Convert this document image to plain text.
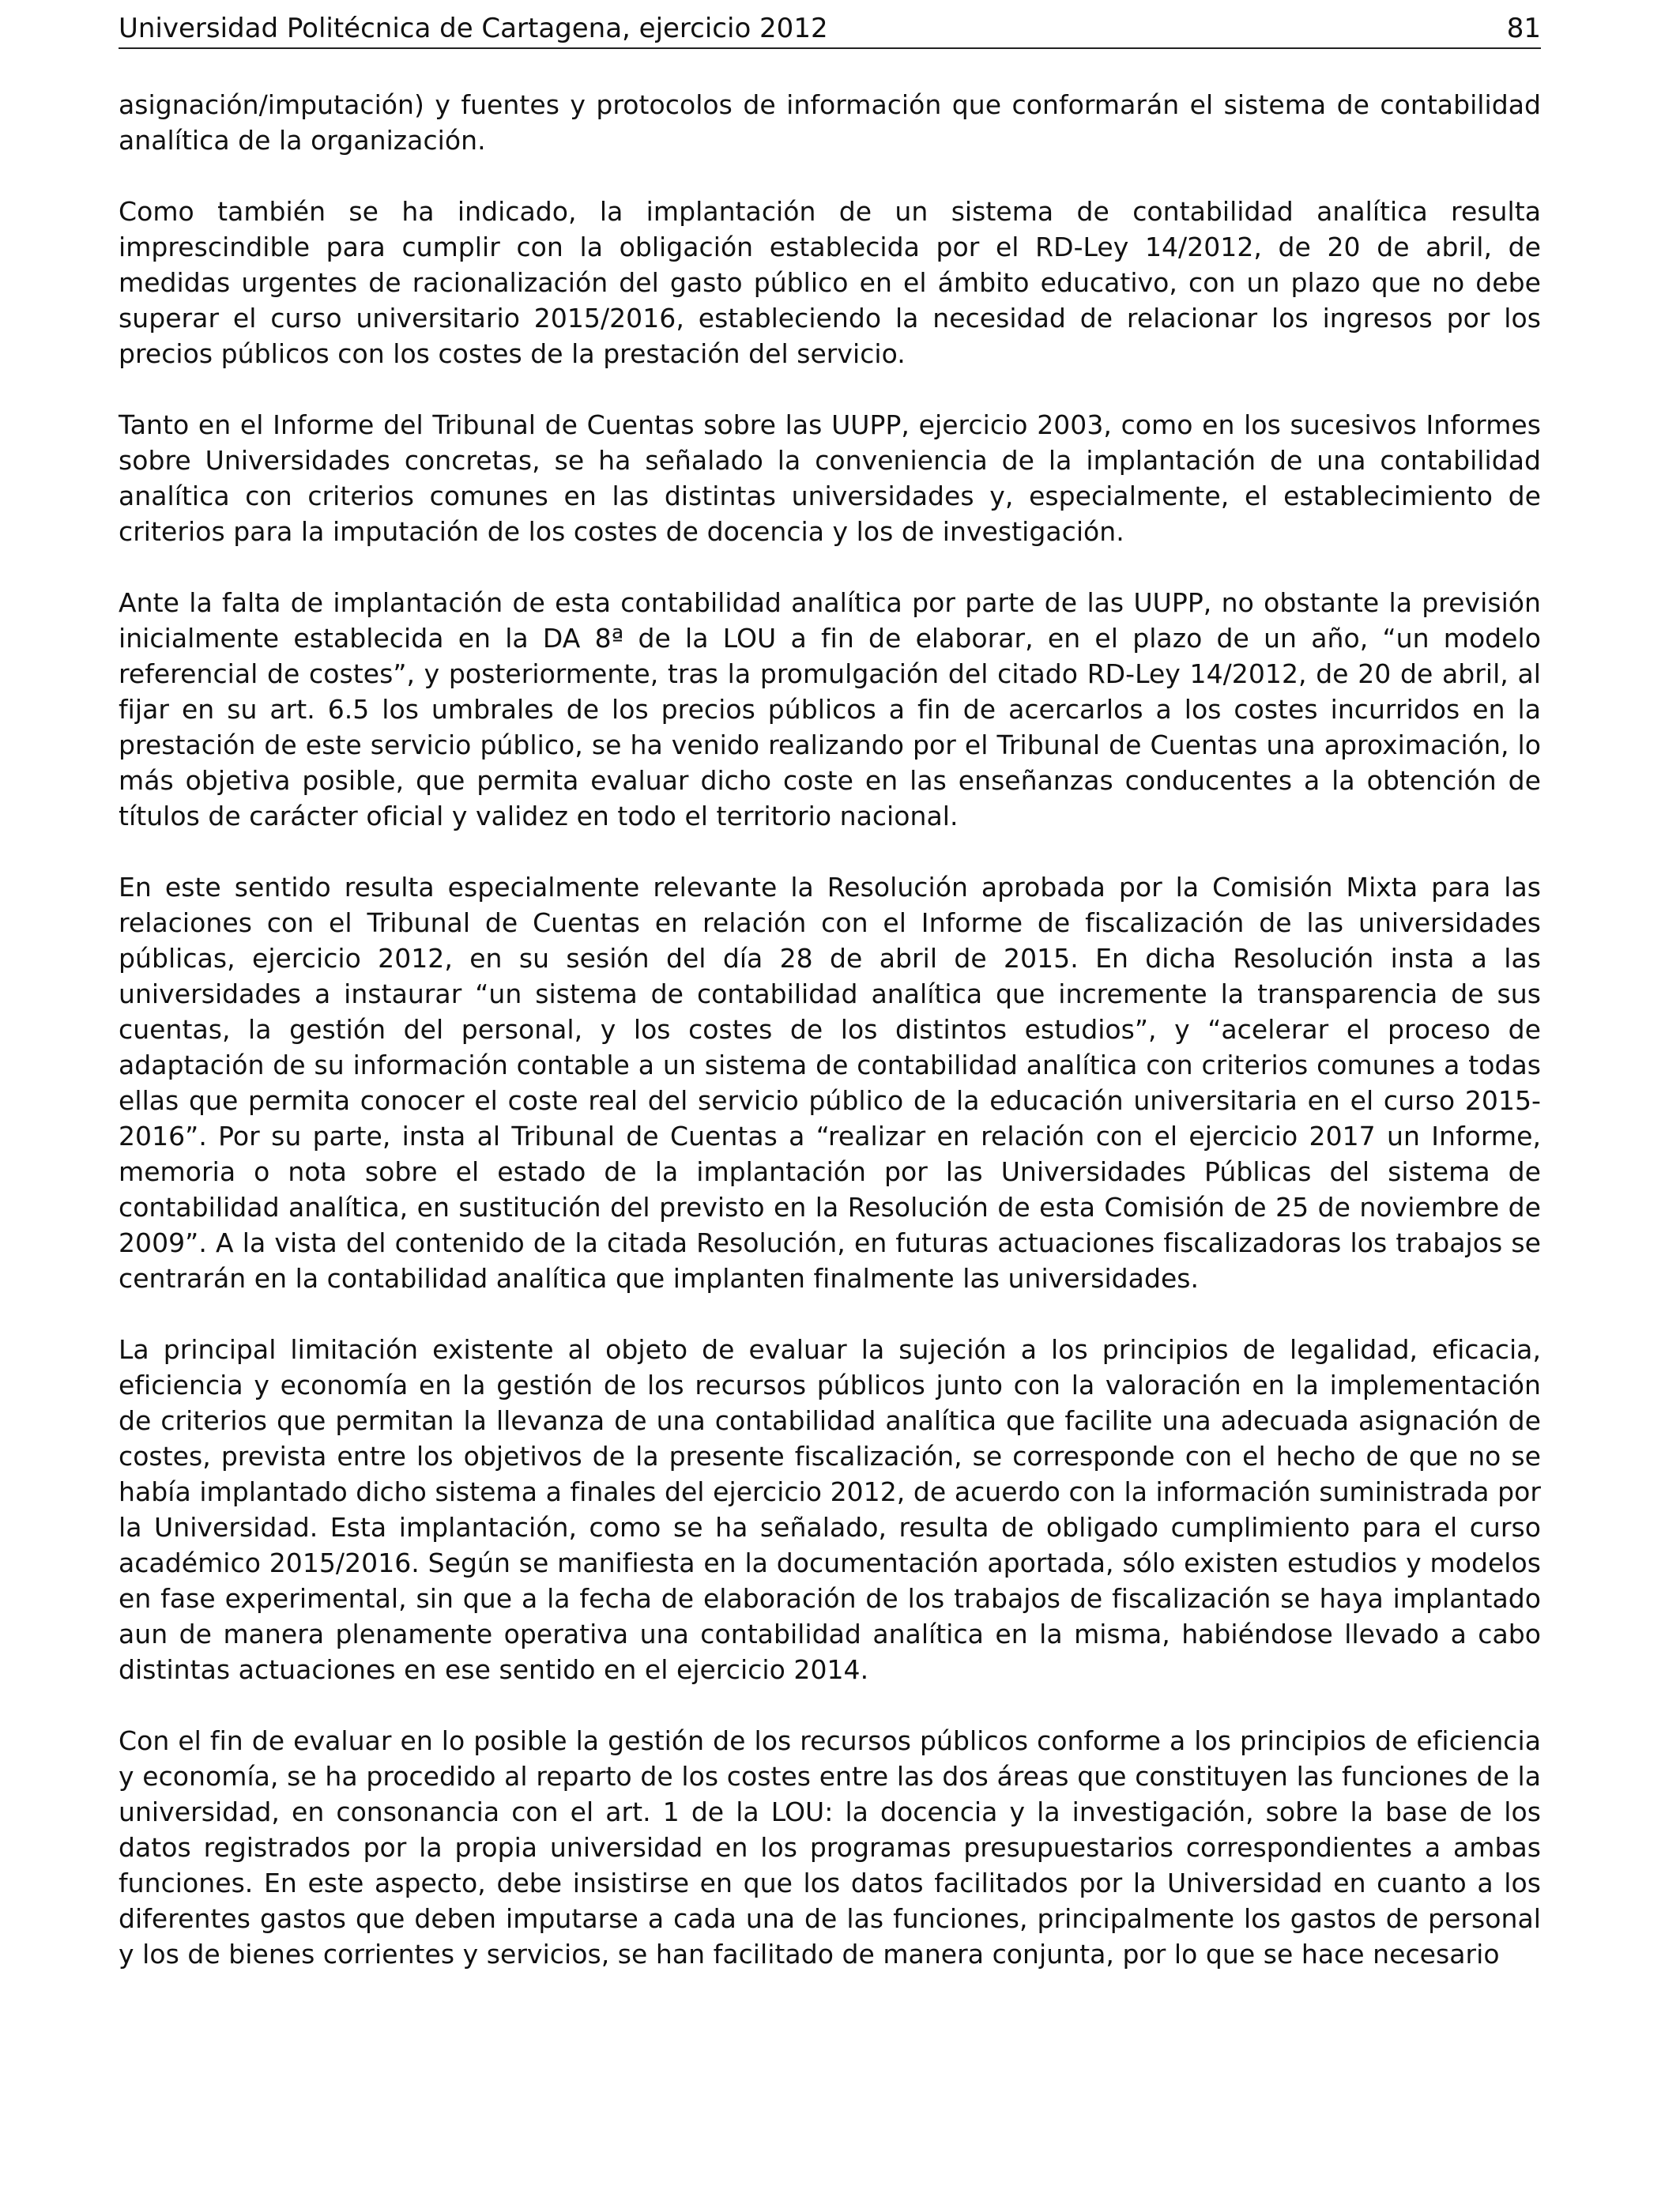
Universidad Politécnica de Cartagena, ejercicio 2012	81

asignación/imputación) y fuentes y protocolos de información que conformarán el sistema de contabilidad analítica de la organización.

Como también se ha indicado, la implantación de un sistema de contabilidad analítica resulta imprescindible para cumplir con la obligación establecida por el RD-Ley 14/2012, de 20 de abril, de medidas urgentes de racionalización del gasto público en el ámbito educativo, con un plazo que no debe superar el curso universitario 2015/2016, estableciendo la necesidad de relacionar los ingresos por los precios públicos con los costes de la prestación del servicio.

Tanto en el Informe del Tribunal de Cuentas sobre las UUPP, ejercicio 2003, como en los sucesivos Informes sobre Universidades concretas, se ha señalado la conveniencia de la implantación de una contabilidad analítica con criterios comunes en las distintas universidades y, especialmente, el establecimiento de criterios para la imputación de los costes de docencia y los de investigación.

Ante la falta de implantación de esta contabilidad analítica por parte de las UUPP, no obstante la previsión inicialmente establecida en la DA 8ª de la LOU a fin de elaborar, en el plazo de un año, “un modelo referencial de costes”, y posteriormente, tras la promulgación del citado RD-Ley 14/2012, de 20 de abril, al fijar en su art. 6.5 los umbrales de los precios públicos a fin de acercarlos a los costes incurridos en la prestación de este servicio público, se ha venido realizando por el Tribunal de Cuentas una aproximación, lo más objetiva posible, que permita evaluar dicho coste en las enseñanzas conducentes a la obtención de títulos de carácter oficial y validez en todo el territorio nacional.

En este sentido resulta especialmente relevante la Resolución aprobada por la Comisión Mixta para las relaciones con el Tribunal de Cuentas en relación con el Informe de fiscalización de las universidades públicas, ejercicio 2012, en su sesión del día 28 de abril de 2015. En dicha Resolución insta a las universidades a instaurar “un sistema de contabilidad analítica que incremente la transparencia de sus cuentas, la gestión del personal, y los costes de los distintos estudios”, y “acelerar el proceso de adaptación de su información contable a un sistema de contabilidad analítica con criterios comunes a todas ellas que permita conocer el coste real del servicio público de la educación universitaria en el curso 2015-2016”. Por su parte, insta al Tribunal de Cuentas a “realizar en relación con el ejercicio 2017 un Informe, memoria o nota sobre el estado de la implantación por las Universidades Públicas del sistema de contabilidad analítica, en sustitución del previsto en la Resolución de esta Comisión de 25 de noviembre de 2009”. A la vista del contenido de la citada Resolución, en futuras actuaciones fiscalizadoras los trabajos se centrarán en la contabilidad analítica que implanten finalmente las universidades.

La principal limitación existente al objeto de evaluar la sujeción a los principios de legalidad, eficacia, eficiencia y economía en la gestión de los recursos públicos junto con la valoración en la implementación de criterios que permitan la llevanza de una contabilidad analítica que facilite una adecuada asignación de costes, prevista entre los objetivos de la presente fiscalización, se corresponde con el hecho de que no se había implantado dicho sistema a finales del ejercicio 2012, de acuerdo con la información suministrada por la Universidad. Esta implantación, como se ha señalado, resulta de obligado cumplimiento para el curso académico 2015/2016. Según se manifiesta en la documentación aportada, sólo existen estudios y modelos en fase experimental, sin que a la fecha de elaboración de los trabajos de fiscalización se haya implantado aun de manera plenamente operativa una contabilidad analítica en la misma, habiéndose llevado a cabo distintas actuaciones en ese sentido en el ejercicio 2014.

Con el fin de evaluar en lo posible la gestión de los recursos públicos conforme a los principios de eficiencia y economía, se ha procedido al reparto de los costes entre las dos áreas que constituyen las funciones de la universidad, en consonancia con el art. 1 de la LOU: la docencia y la investigación, sobre la base de los datos registrados por la propia universidad en los programas presupuestarios correspondientes a ambas funciones. En este aspecto, debe insistirse en que los datos facilitados por la Universidad en cuanto a los diferentes gastos que deben imputarse a cada una de las funciones, principalmente los gastos de personal y los de bienes corrientes y servicios, se han facilitado de manera conjunta, por lo que se hace necesario
